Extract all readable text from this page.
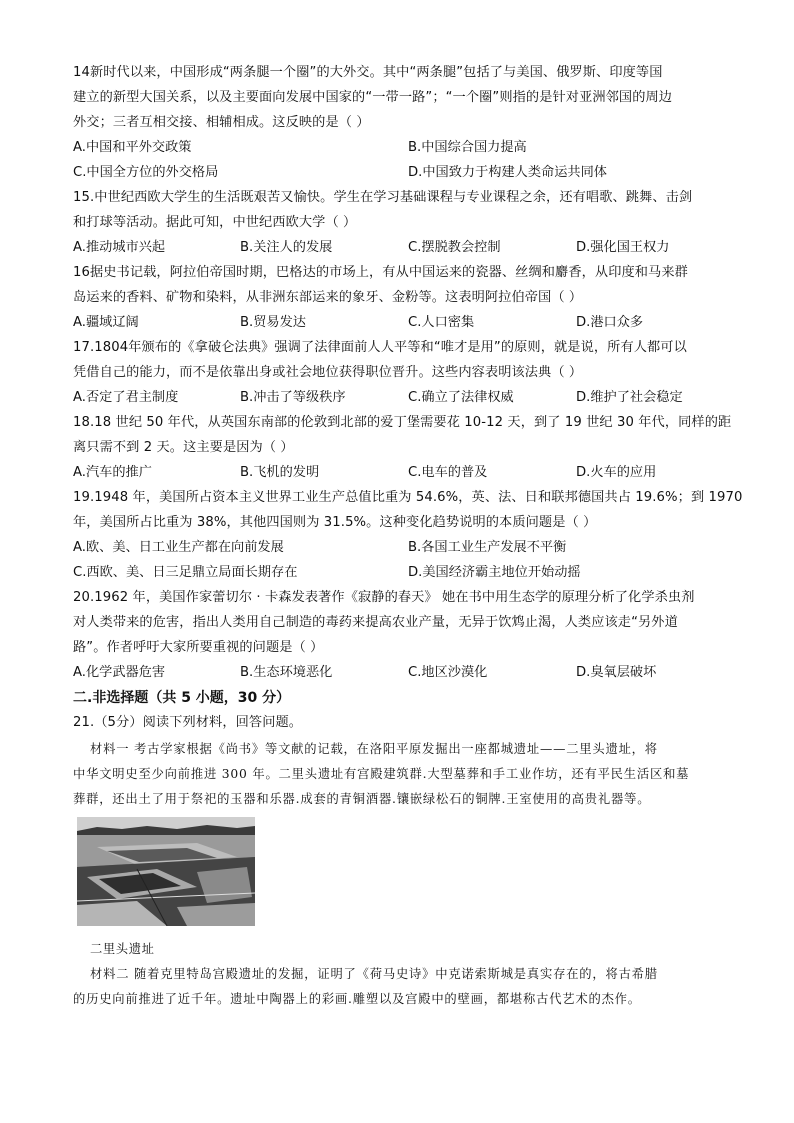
14新时代以来，中国形成“两条腿一个圈”的大外交。其中“两条腿”包括了与美国、俄罗斯、印度等国
建立的新型大国关系，以及主要面向发展中国家的“一带一路”；“一个圈”则指的是针对亚洲邻国的周边
外交；三者互相交接、相辅相成。这反映的是（ ）
A.中国和平外交政策	B.中国综合国力提高
C.中国全方位的外交格局	D.中国致力于构建人类命运共同体
15.中世纪西欧大学生的生活既艰苦又愉快。学生在学习基础课程与专业课程之余，还有唱歌、跳舞、击剑
和打球等活动。据此可知，中世纪西欧大学（ ）
A.推动城市兴起	B.关注人的发展	C.摆脱教会控制	D.强化国王权力
16据史书记载，阿拉伯帝国时期，巴格达的市场上，有从中国运来的瓷器、丝绸和麝香，从印度和马来群
岛运来的香料、矿物和染料，从非洲东部运来的象牙、金粉等。这表明阿拉伯帝国（ ）
A.疆域辽阔	B.贸易发达	C.人口密集	D.港口众多
17.1804年颁布的《拿破仑法典》强调了法律面前人人平等和“唯才是用”的原则，就是说，所有人都可以
凭借自己的能力，而不是依靠出身或社会地位获得职位晋升。这些内容表明该法典（ ）
A.否定了君主制度	B.冲击了等级秩序	C.确立了法律权威	D.维护了社会稳定
18.18 世纪 50 年代，从英国东南部的伦敦到北部的爱丁堡需要花 10-12 天，到了 19 世纪 30 年代，同样的距
离只需不到 2 天。这主要是因为（ ）
A.汽车的推广	B.飞机的发明	C.电车的普及	D.火车的应用
19.1948 年，美国所占资本主义世界工业生产总值比重为 54.6%，英、法、日和联邦德国共占 19.6%；到 1970
年，美国所占比重为 38%，其他四国则为 31.5%。这种变化趋势说明的本质问题是（ ）
A.欧、美、日工业生产都在向前发展	B.各国工业生产发展不平衡
C.西欧、美、日三足鼎立局面长期存在	D.美国经济霸主地位开始动摇
20.1962 年，美国作家蕾切尔 · 卡森发表著作《寂静的春天》 她在书中用生态学的原理分析了化学杀虫剂
对人类带来的危害，指出人类用自己制造的毒药来提高农业产量，无异于饮鸩止渴，人类应该走“另外道
路”。作者呼吁大家所要重视的问题是（ ）
A.化学武器危害	B.生态环境恶化	C.地区沙漠化	D.臭氧层破坏
二.非选择题（共 5 小题，30 分）
21.（5分）阅读下列材料，回答问题。
材料一 考古学家根据《尚书》等文献的记载，在洛阳平原发掘出一座都城遗址——二里头遗址，将
中华文明史至少向前推进 300 年。二里头遗址有宫殿建筑群.大型墓葬和手工业作坊，还有平民生活区和墓
葬群，还出土了用于祭祀的玉器和乐器.成套的青铜酒器.镶嵌绿松石的铜牌.王室使用的高贵礼器等。
二里头遗址
材料二 随着克里特岛宫殿遗址的发掘，证明了《荷马史诗》中克诺索斯城是真实存在的，将古希腊
的历史向前推进了近千年。遗址中陶器上的彩画.雕塑以及宫殿中的壁画，都堪称古代艺术的杰作。
